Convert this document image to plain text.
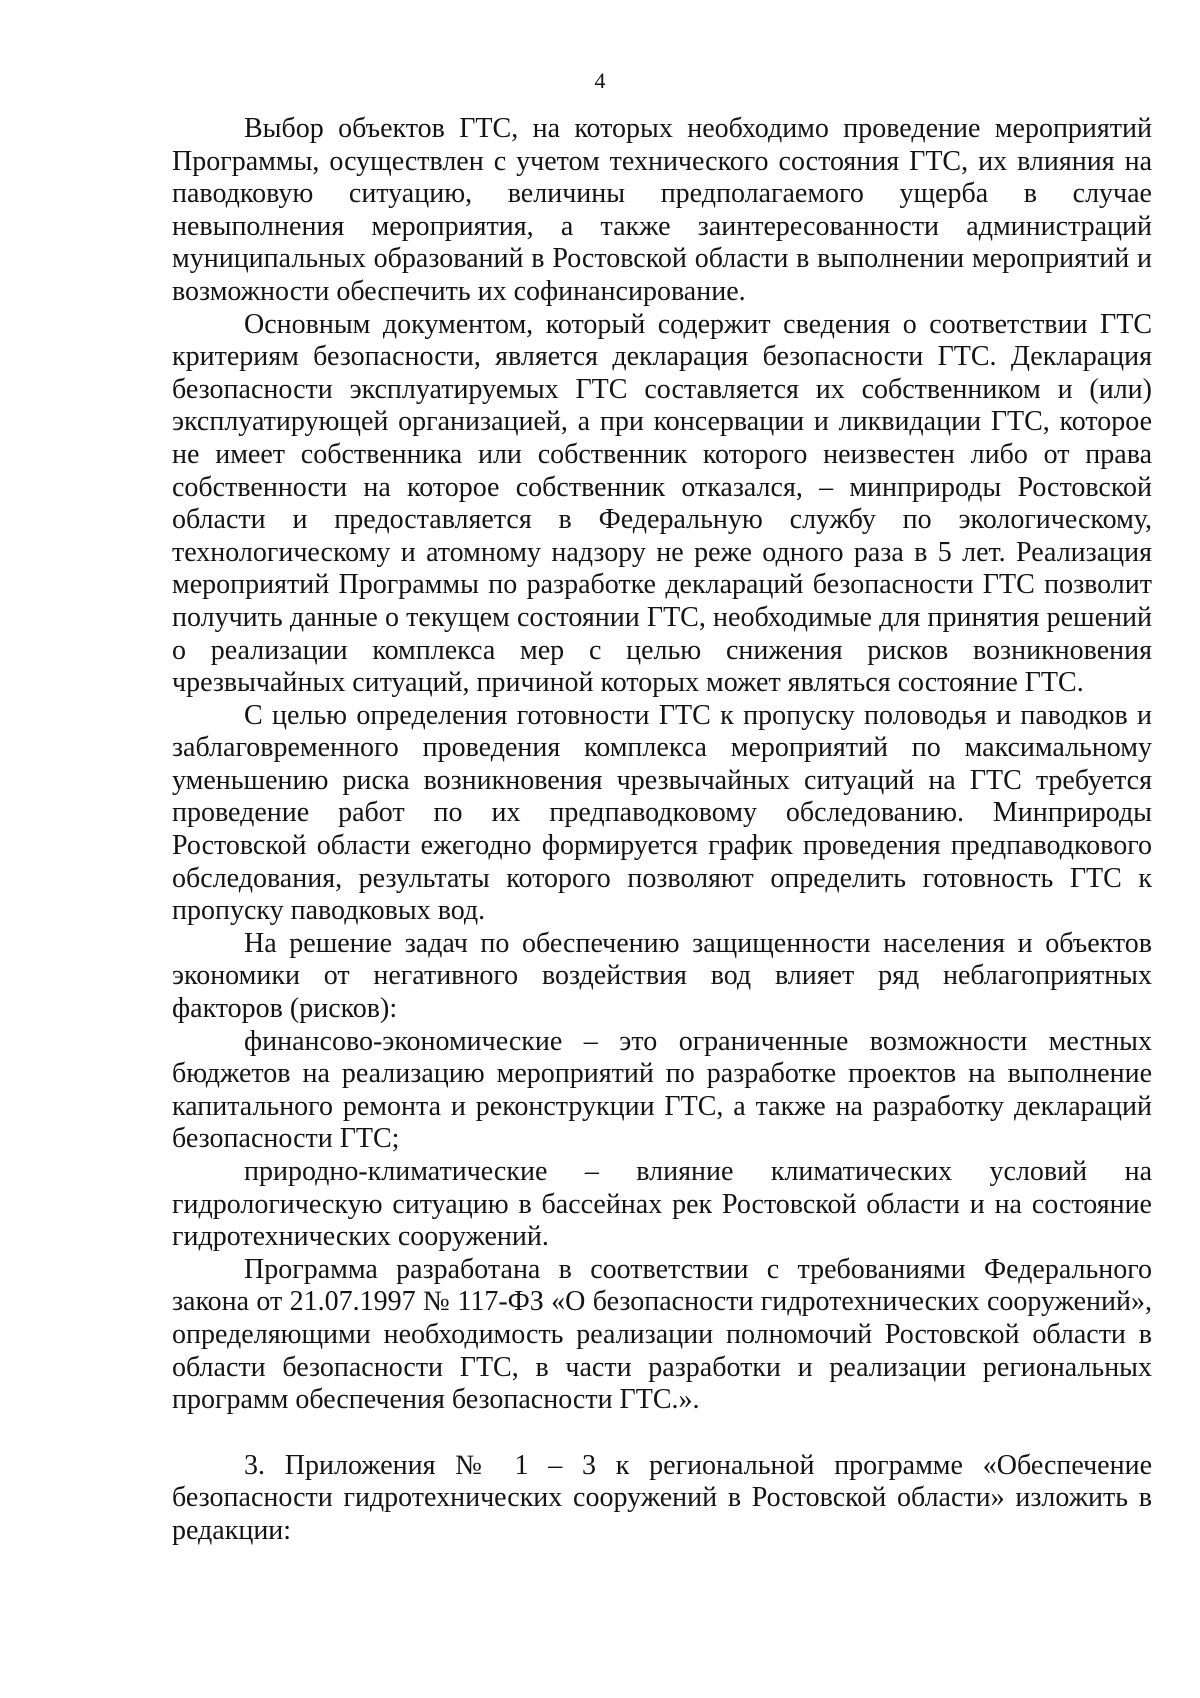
4

Выбор объектов ГТС, на которых необходимо проведение мероприятий Программы, осуществлен с учетом технического состояния ГТС, их влияния на паводковую ситуацию, величины предполагаемого ущерба в случае невыполнения мероприятия, а также заинтересованности администраций муниципальных образований в Ростовской области в выполнении мероприятий и возможности обеспечить их софинансирование.

Основным документом, который содержит сведения о соответствии ГТС критериям безопасности, является декларация безопасности ГТС. Декларация безопасности эксплуатируемых ГТС составляется их собственником и (или) эксплуатирующей организацией, а при консервации и ликвидации ГТС, которое не имеет собственника или собственник которого неизвестен либо от права собственности на которое собственник отказался, – минприроды Ростовской области и предоставляется в Федеральную службу по экологическому, технологическому и атомному надзору не реже одного раза в 5 лет. Реализация мероприятий Программы по разработке деклараций безопасности ГТС позволит получить данные о текущем состоянии ГТС, необходимые для принятия решений о реализации комплекса мер с целью снижения рисков возникновения чрезвычайных ситуаций, причиной которых может являться состояние ГТС.

С целью определения готовности ГТС к пропуску половодья и паводков и заблаговременного проведения комплекса мероприятий по максимальному уменьшению риска возникновения чрезвычайных ситуаций на ГТС требуется проведение работ по их предпаводковому обследованию. Минприроды Ростовской области ежегодно формируется график проведения предпаводкового обследования, результаты которого позволяют определить готовность ГТС к пропуску паводковых вод.

На решение задач по обеспечению защищенности населения и объектов экономики от негативного воздействия вод влияет ряд неблагоприятных факторов (рисков):

финансово-экономические – это ограниченные возможности местных бюджетов на реализацию мероприятий по разработке проектов на выполнение капитального ремонта и реконструкции ГТС, а также на разработку деклараций безопасности ГТС;

природно-климатические – влияние климатических условий на гидрологическую ситуацию в бассейнах рек Ростовской области и на состояние гидротехнических сооружений.

Программа разработана в соответствии с требованиями Федерального закона от 21.07.1997 № 117-ФЗ «О безопасности гидротехнических сооружений», определяющими необходимость реализации полномочий Ростовской области в области безопасности ГТС, в части разработки и реализации региональных программ обеспечения безопасности ГТС.».

3. Приложения № 1 – 3 к региональной программе «Обеспечение безопасности гидротехнических сооружений в Ростовской области» изложить в редакции:
